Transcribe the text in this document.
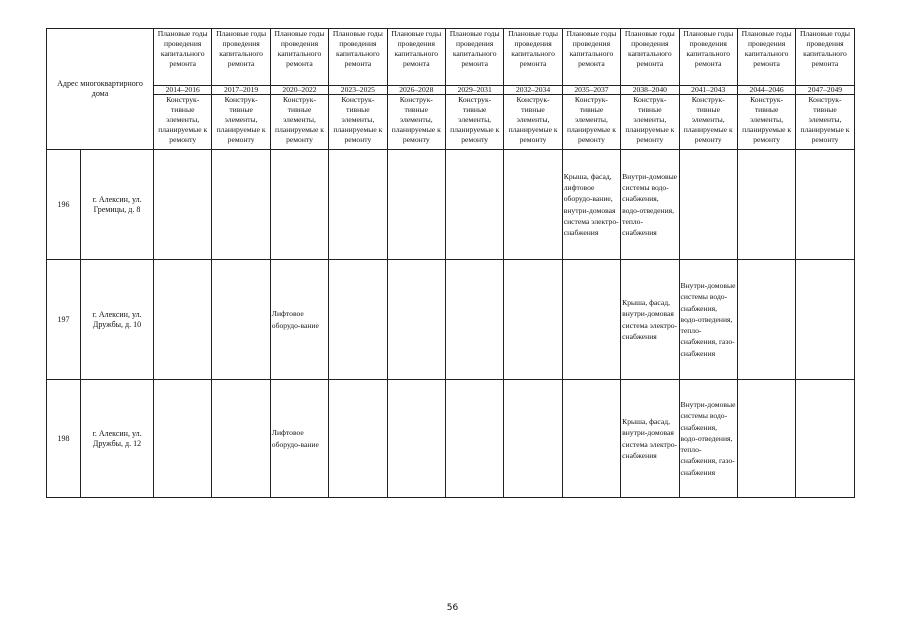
Адрес многоквартирного дома		Плановые годы проведения капитального ремонта	Плановые годы проведения капитального ремонта	Плановые годы проведения капитального ремонта	Плановые годы проведения капитального ремонта	Плановые годы проведения капитального ремонта	Плановые годы проведения капитального ремонта	Плановые годы проведения капитального ремонта	Плановые годы проведения капитального ремонта	Плановые годы проведения капитального ремонта	Плановые годы проведения капитального ремонта	Плановые годы проведения капитального ремонта	Плановые годы проведения капитального ремонта
		2014–2016	2017–2019	2020–2022	2023–2025	2026–2028	2029–2031	2032–2034	2035–2037	2038–2040	2041–2043	2044–2046	2047–2049
		Конструк-тивные элементы, планируемые к ремонту	Конструк-тивные элементы, планируемые к ремонту	Конструк-тивные элементы, планируемые к ремонту	Конструк-тивные элементы, планируемые к ремонту	Конструк-тивные элементы, планируемые к ремонту	Конструк-тивные элементы, планируемые к ремонту	Конструк-тивные элементы, планируемые к ремонту	Конструк-тивные элементы, планируемые к ремонту	Конструк-тивные элементы, планируемые к ремонту	Конструк-тивные элементы, планируемые к ремонту	Конструк-тивные элементы, планируемые к ремонту	Конструк-тивные элементы, планируемые к ремонту
196	г. Алексин, ул. Гремицы, д. 8								Крыша, фасад, лифтовое оборудо-вание, внутри-домовая система электро-снабжения	Внутри-домовые системы водо-снабжения, водо-отведения, тепло-снабжения			
197	г. Алексин, ул. Дружбы, д. 10			Лифтовое оборудо-вание						Крыша, фасад, внутри-домовая система электро-снабжения	Внутри-домовые системы водо-снабжения, водо-отведения, тепло-снабжения, газо-снабжения		
198	г. Алексин, ул. Дружбы, д. 12			Лифтовое оборудо-вание						Крыша, фасад, внутри-домовая система электро-снабжения	Внутри-домовые системы водо-снабжения, водо-отведения, тепло-снабжения, газо-снабжения		
56
